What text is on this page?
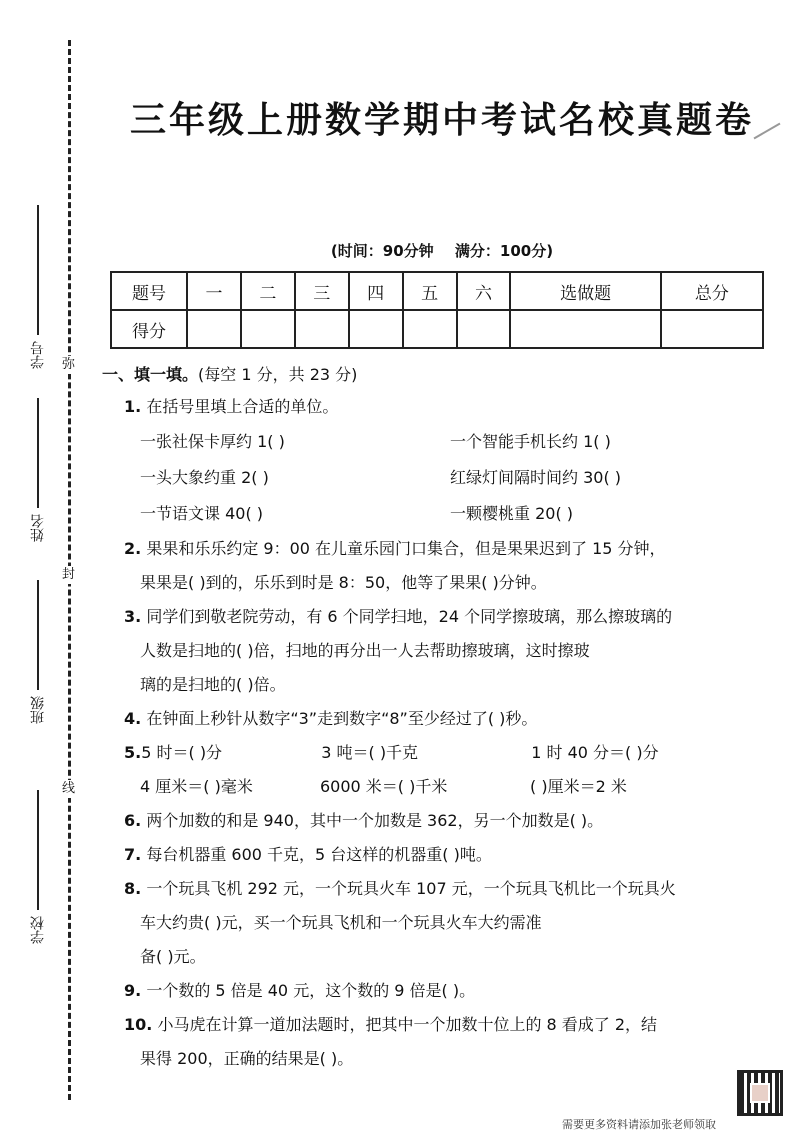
弥
封
线
学号
姓名
班级
学校
三年级上册数学期中考试名校真题卷
(时间：90分钟 满分：100分)
题号	一	二	三	四	五	六	选做题	总分
得分								
一、填一填。(每空 1 分，共 23 分)
1. 在括号里填上合适的单位。
一张社保卡厚约 1( )	一个智能手机长约 1( )
一头大象约重 2( )	红绿灯间隔时间约 30( )
一节语文课 40( )	一颗樱桃重 20( )
2. 果果和乐乐约定 9：00 在儿童乐园门口集合，但是果果迟到了 15 分钟，
果果是( )到的，乐乐到时是 8：50，他等了果果( )分钟。
3. 同学们到敬老院劳动，有 6 个同学扫地，24 个同学擦玻璃，那么擦玻璃的
人数是扫地的( )倍，扫地的再分出一人去帮助擦玻璃，这时擦玻
璃的是扫地的( )倍。
4. 在钟面上秒针从数字“3”走到数字“8”至少经过了( )秒。
5. 5 时＝( )分	3 吨＝( )千克	1 时 40 分＝( )分
4 厘米＝( )毫米	6000 米＝( )千米	( )厘米＝2 米
6. 两个加数的和是 940，其中一个加数是 362，另一个加数是( )。
7. 每台机器重 600 千克，5 台这样的机器重( )吨。
8. 一个玩具飞机 292 元，一个玩具火车 107 元，一个玩具飞机比一个玩具火
车大约贵( )元，买一个玩具飞机和一个玩具火车大约需准
备( )元。
9. 一个数的 5 倍是 40 元，这个数的 9 倍是( )。
10. 小马虎在计算一道加法题时，把其中一个加数十位上的 8 看成了 2，结
果得 200，正确的结果是( )。
需要更多资料请添加张老师领取
